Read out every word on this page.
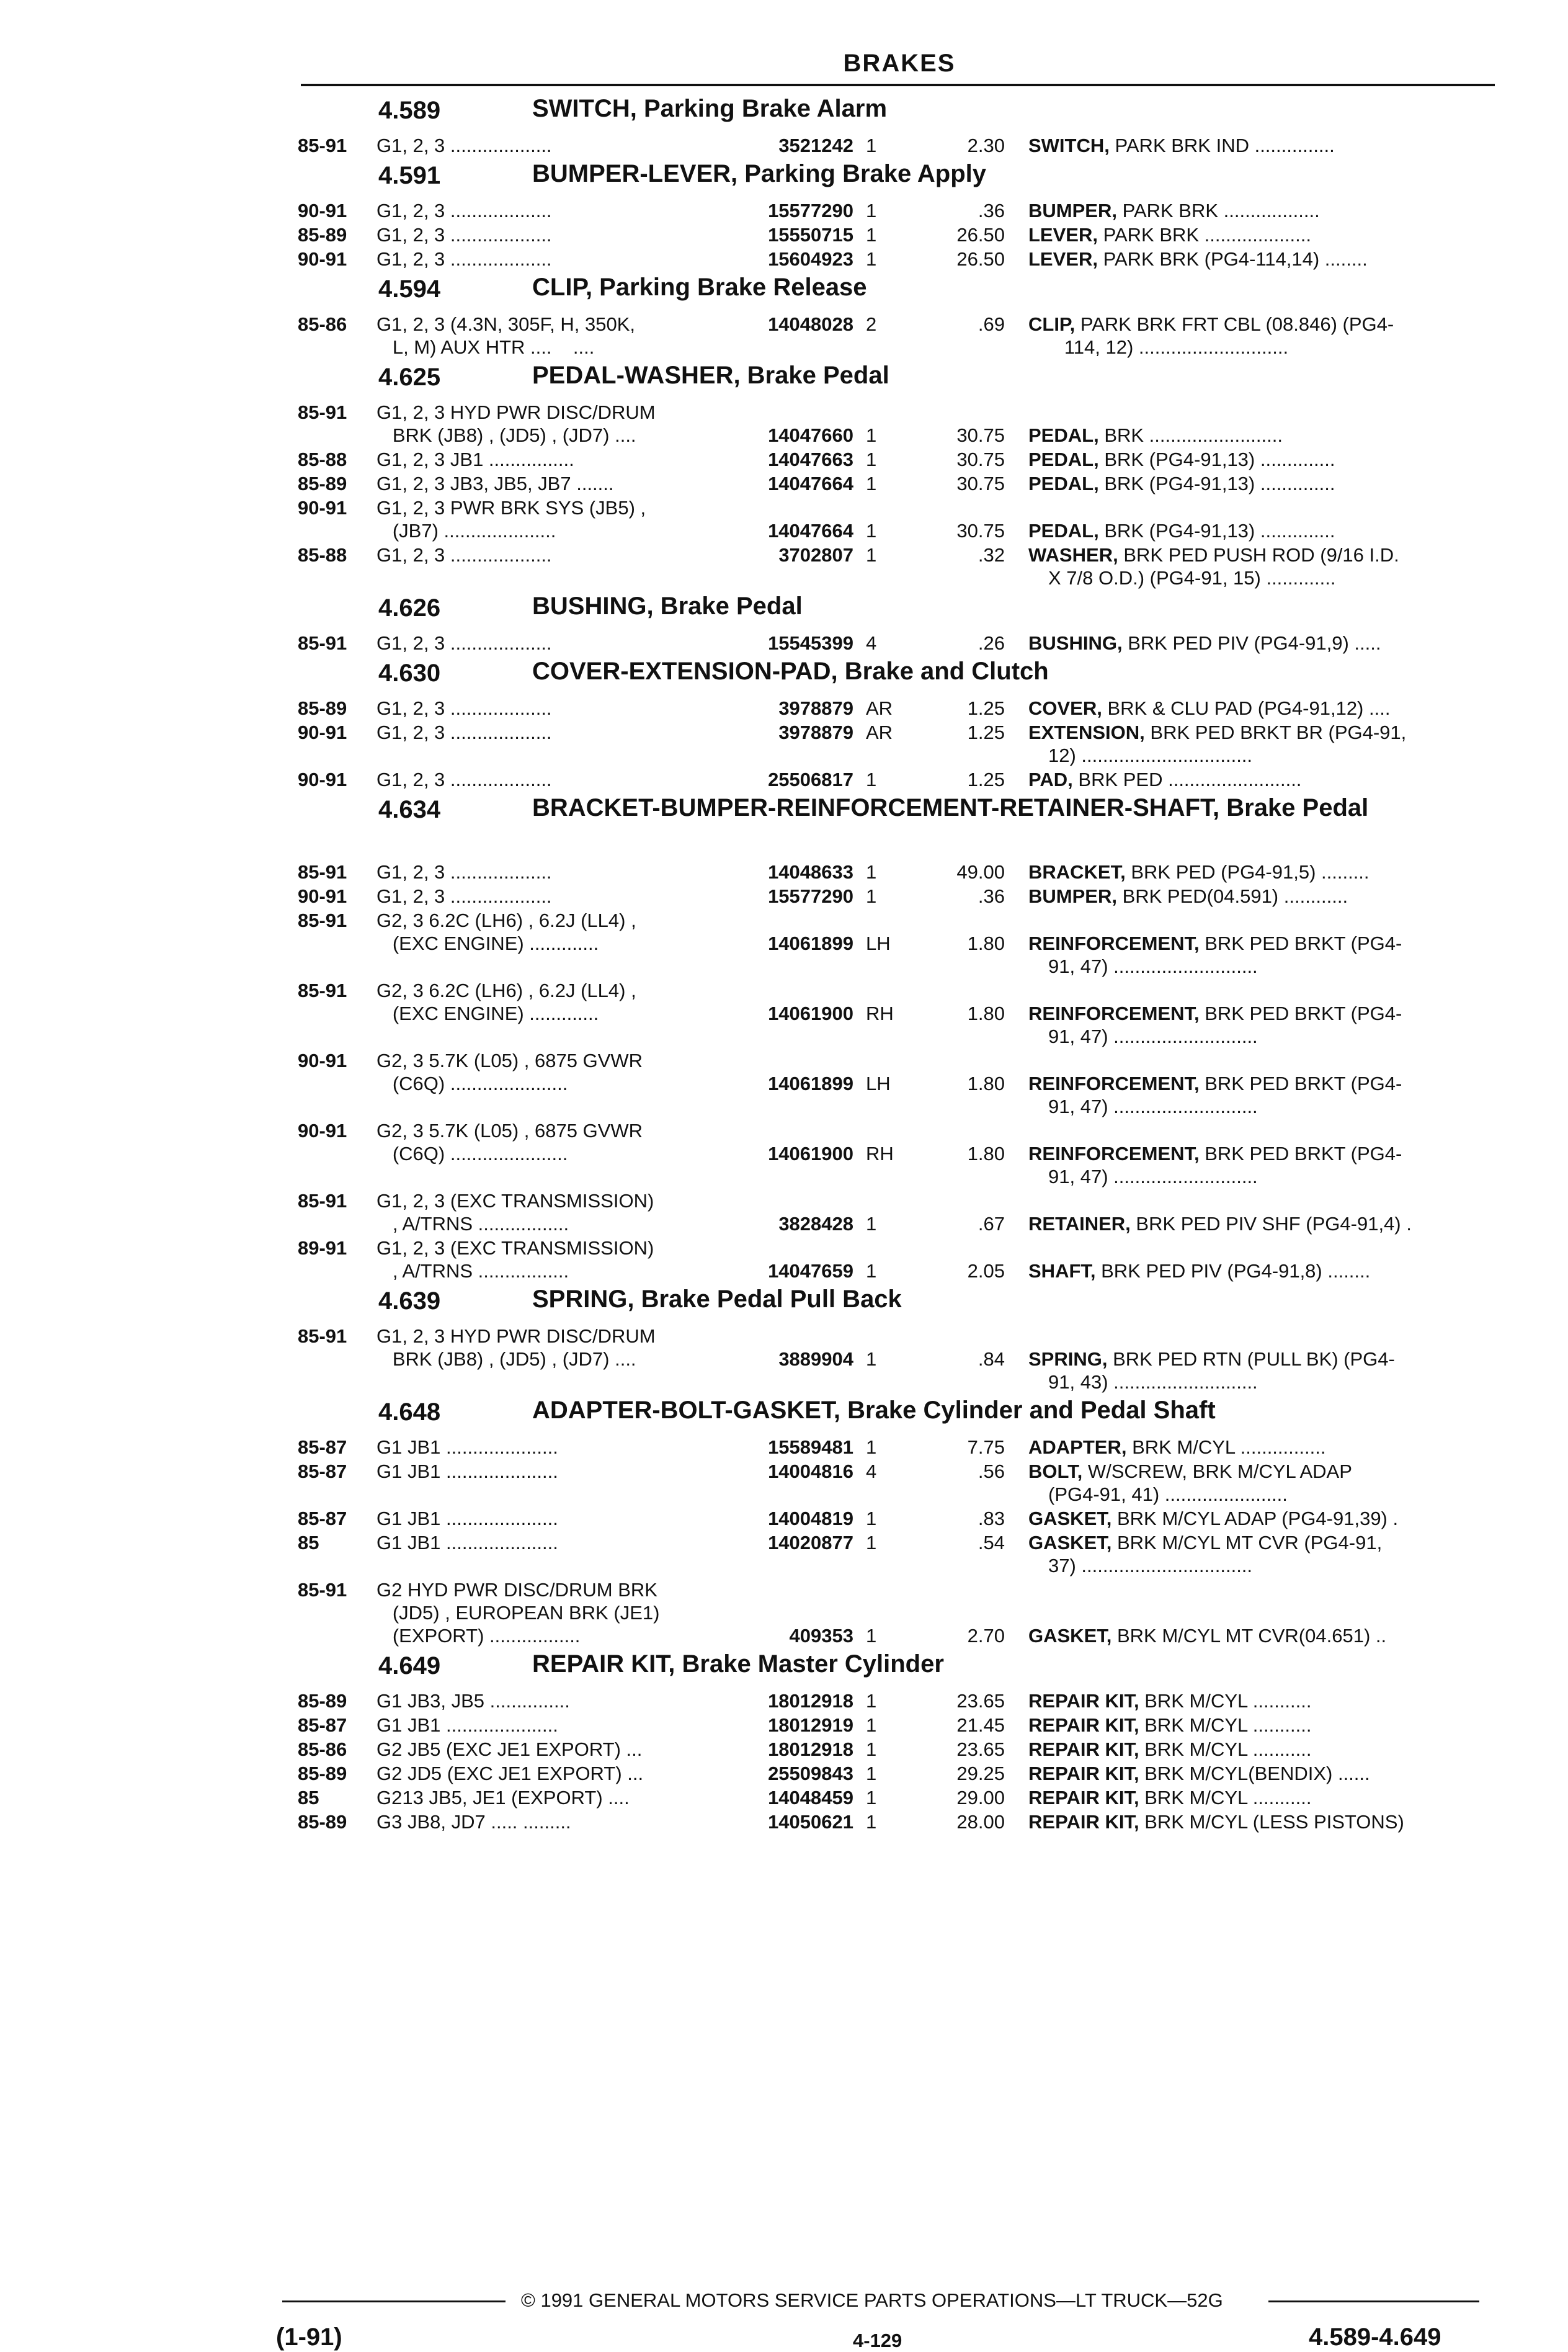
BRAKES
4.589	SWITCH, Parking Brake Alarm
85-91	G1, 2, 3 ...................	3521242 1	2.30 SWITCH, PARK BRK IND ...............
4.591	BUMPER-LEVER, Parking Brake Apply
90-91	G1, 2, 3 ...................	15577290 1	.36 BUMPER, PARK BRK ..................
85-89	G1, 2, 3 ...................	15550715 1	26.50 LEVER, PARK BRK ....................
90-91	G1, 2, 3 ...................	15604923 1	26.50 LEVER, PARK BRK (PG4-114,14) ........
4.594	CLIP, Parking Brake Release
85-86	G1, 2, 3 (4.3N, 305F, H, 350K,
L, M) AUX HTR ....    ....
14048028 2	.69 CLIP, PARK BRK FRT CBL (08.846) (PG4-
114, 12) ............................
4.625	PEDAL-WASHER, Brake Pedal
85-91	G1, 2, 3 HYD PWR DISC/DRUM
BRK (JB8) , (JD5) , (JD7) ....	14047660 1	30.75 PEDAL, BRK .........................
85-88	G1, 2, 3 JB1 ................	14047663 1	30.75 PEDAL, BRK (PG4-91,13) ..............
85-89	G1, 2, 3 JB3, JB5, JB7 .......	14047664 1	30.75 PEDAL, BRK (PG4-91,13) ..............
90-91	G1, 2, 3 PWR BRK SYS (JB5) ,
(JB7) .....................	14047664 1	30.75 PEDAL, BRK (PG4-91,13) ..............
85-88	G1, 2, 3 ...................	3702807 1	.32 WASHER, BRK PED PUSH ROD (9/16 I.D.
X 7/8 O.D.) (PG4-91, 15) .............
4.626	BUSHING, Brake Pedal
85-91	G1, 2, 3 ...................	15545399 4	.26 BUSHING, BRK PED PIV (PG4-91,9) .....
4.630	COVER-EXTENSION-PAD, Brake and Clutch
85-89	G1, 2, 3 ...................	3978879 AR	1.25 COVER, BRK & CLU PAD (PG4-91,12) ....
90-91	G1, 2, 3 ...................	3978879 AR	1.25 EXTENSION, BRK PED BRKT BR (PG4-91,
12) ................................
90-91	G1, 2, 3 ...................	25506817 1	1.25 PAD, BRK PED .........................
4.634	BRACKET-BUMPER-REINFORCEMENT-RETAINER-SHAFT, Brake Pedal
85-91	G1, 2, 3 ...................	14048633 1	49.00 BRACKET, BRK PED (PG4-91,5) .........
90-91	G1, 2, 3 ...................	15577290 1	.36 BUMPER, BRK PED(04.591) ............
85-91	G2, 3 6.2C (LH6) , 6.2J (LL4) ,
(EXC ENGINE) .............	14061899 LH	1.80 REINFORCEMENT, BRK PED BRKT (PG4-
91, 47) ...........................
85-91	G2, 3 6.2C (LH6) , 6.2J (LL4) ,
(EXC ENGINE) .............	14061900 RH	1.80 REINFORCEMENT, BRK PED BRKT (PG4-
91, 47) ...........................
90-91	G2, 3 5.7K (L05) , 6875 GVWR
(C6Q) ......................	14061899 LH	1.80 REINFORCEMENT, BRK PED BRKT (PG4-
91, 47) ...........................
90-91	G2, 3 5.7K (L05) , 6875 GVWR
(C6Q) ......................	14061900 RH	1.80 REINFORCEMENT, BRK PED BRKT (PG4-
91, 47) ...........................
85-91	G1, 2, 3 (EXC TRANSMISSION)
, A/TRNS .................	3828428 1	.67 RETAINER, BRK PED PIV SHF (PG4-91,4) .
89-91	G1, 2, 3 (EXC TRANSMISSION)
, A/TRNS .................	14047659 1	2.05 SHAFT, BRK PED PIV (PG4-91,8) ........
4.639	SPRING, Brake Pedal Pull Back
85-91	G1, 2, 3 HYD PWR DISC/DRUM
BRK (JB8) , (JD5) , (JD7) ....	3889904 1	.84 SPRING, BRK PED RTN (PULL BK) (PG4-
91, 43) ...........................
4.648	ADAPTER-BOLT-GASKET, Brake Cylinder and Pedal Shaft
85-87	G1 JB1 .....................	15589481 1	7.75 ADAPTER, BRK M/CYL ................
85-87	G1 JB1 .....................	14004816 4	.56 BOLT, W/SCREW, BRK M/CYL ADAP
(PG4-91, 41) .......................
85-87	G1 JB1 .....................	14004819 1	.83 GASKET, BRK M/CYL ADAP (PG4-91,39) .
85	G1 JB1 .....................	14020877 1	.54 GASKET, BRK M/CYL MT CVR (PG4-91,
37) ................................
85-91	G2 HYD PWR DISC/DRUM BRK
(JD5) , EUROPEAN BRK (JE1)
(EXPORT) .................	409353 1	2.70 GASKET, BRK M/CYL MT CVR(04.651) ..
4.649	REPAIR KIT, Brake Master Cylinder
85-89	G1 JB3, JB5 ...............	18012918 1	23.65 REPAIR KIT, BRK M/CYL ...........
85-87	G1 JB1 .....................	18012919 1	21.45 REPAIR KIT, BRK M/CYL ...........
85-86	G2 JB5 (EXC JE1 EXPORT) ...	18012918 1	23.65 REPAIR KIT, BRK M/CYL ...........
85-89	G2 JD5 (EXC JE1 EXPORT) ...	25509843 1	29.25 REPAIR KIT, BRK M/CYL(BENDIX) ......
85	G213 JB5, JE1 (EXPORT) ....	14048459 1	29.00 REPAIR KIT, BRK M/CYL ...........
85-89	G3 JB8, JD7 ..... .........	14050621 1	28.00 REPAIR KIT, BRK M/CYL (LESS PISTONS)
© 1991 GENERAL MOTORS SERVICE PARTS OPERATIONS—LT TRUCK—52G
(1-91)	4-129	4.589-4.649
